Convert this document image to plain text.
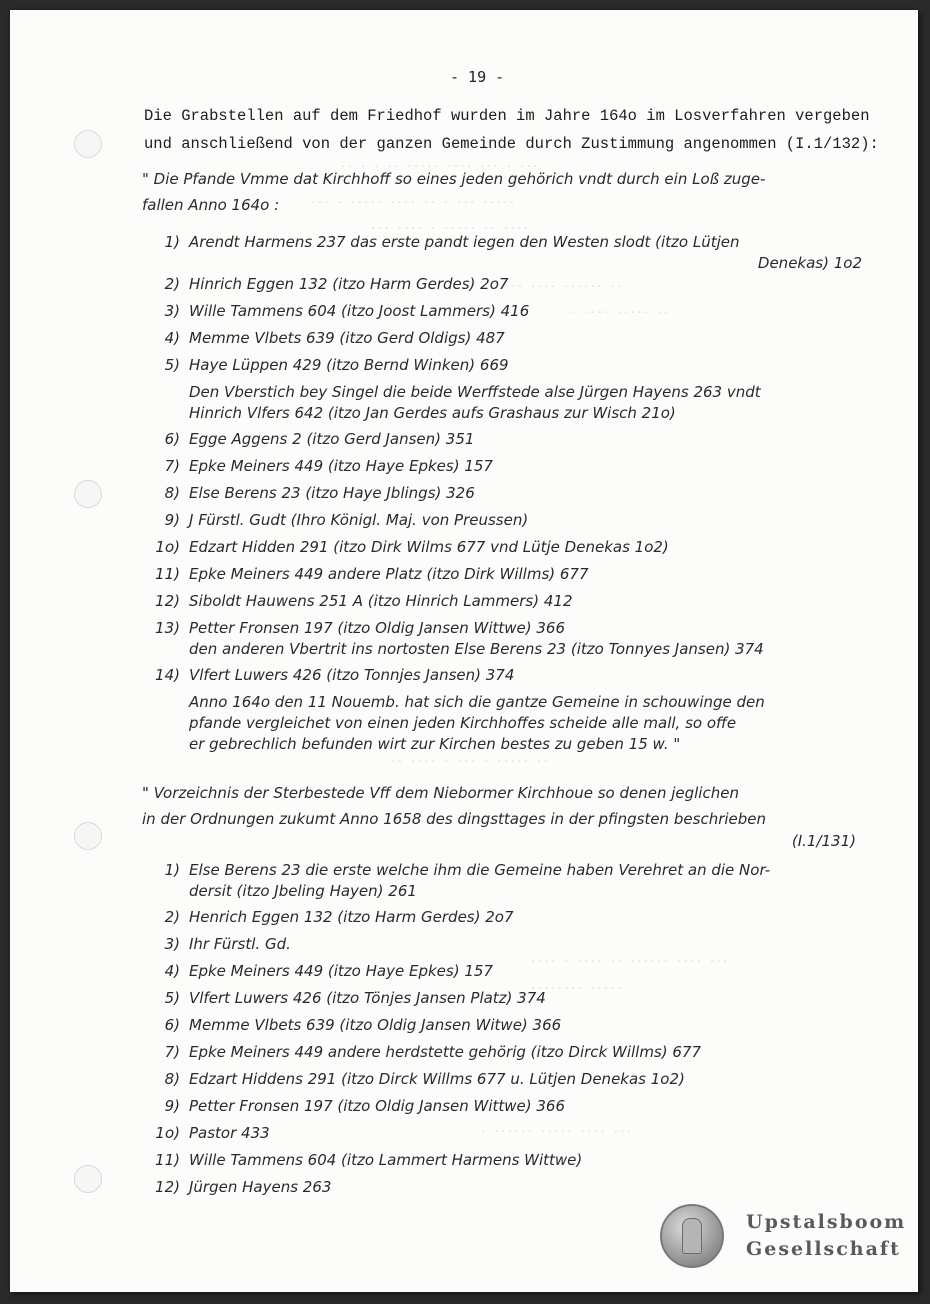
·· · · ·· ····· ···· ··· · ···
··· · ····· ···· ·· · ··· ·····
··· ···· · ····· ·· ····
·· ···· ······ ··
· ···· ····· ··
·· ···· · ··· · ····· ··
···· · ···· ·· ······ ···· ···
········ ·····
· ······ ····· ···· ···
- 19 -
Die Grabstellen auf dem Friedhof wurden im Jahre 164o im Losverfahren vergeben
und anschließend von der ganzen Gemeinde durch Zustimmung angenommen (I.1/132):
" Die Pfande Vmme dat Kirchhoff so eines jeden gehörich vndt durch ein Loß zuge-
fallen Anno 164o :
1) Arendt Harmens 237 das erste pandt iegen den Westen slodt (itzo Lütjen
Denekas) 1o2
2) Hinrich Eggen 132 (itzo Harm Gerdes) 2o7
3) Wille Tammens 604 (itzo Joost Lammers) 416
4) Memme Vlbets 639 (itzo Gerd Oldigs) 487
5) Haye Lüppen 429 (itzo Bernd Winken) 669
Den Vberstich bey Singel die beide Werffstede alse Jürgen Hayens 263 vndt
Hinrich Vlfers 642 (itzo Jan Gerdes aufs Grashaus zur Wisch 21o)
6) Egge Aggens 2 (itzo Gerd Jansen) 351
7) Epke Meiners 449 (itzo Haye Epkes) 157
8) Else Berens 23 (itzo Haye Jblings) 326
9) J Fürstl. Gudt (Ihro Königl. Maj. von Preussen)
1o) Edzart Hidden 291 (itzo Dirk Wilms 677 vnd Lütje Denekas 1o2)
11) Epke Meiners 449 andere Platz (itzo Dirk Willms) 677
12) Siboldt Hauwens 251 A (itzo Hinrich Lammers) 412
13) Petter Fronsen 197 (itzo Oldig Jansen Wittwe) 366
den anderen Vbertrit ins nortosten Else Berens 23 (itzo Tonnyes Jansen) 374
14) Vlfert Luwers 426 (itzo Tonnjes Jansen) 374
Anno 164o den 11 Nouemb. hat sich die gantze Gemeine in schouwinge den
pfande vergleichet von einen jeden Kirchhoffes scheide alle mall, so offe
er gebrechlich befunden wirt zur Kirchen bestes zu geben 15 w. "
" Vorzeichnis der Sterbestede Vff dem Niebormer Kirchhoue so denen jeglichen
in der Ordnungen zukumt Anno 1658 des dingsttages in der pfingsten beschrieben
(I.1/131)
1) Else Berens 23 die erste welche ihm die Gemeine haben Verehret an die Nor-
dersit (itzo Jbeling Hayen) 261
2) Henrich Eggen 132 (itzo Harm Gerdes) 2o7
3) Ihr Fürstl. Gd.
4) Epke Meiners 449 (itzo Haye Epkes) 157
5) Vlfert Luwers 426 (itzo Tönjes Jansen Platz) 374
6) Memme Vlbets 639 (itzo Oldig Jansen Witwe) 366
7) Epke Meiners 449 andere herdstette gehörig (itzo Dirck Willms) 677
8) Edzart Hiddens 291 (itzo Dirck Willms 677 u. Lütjen Denekas 1o2)
9) Petter Fronsen 197 (itzo Oldig Jansen Wittwe) 366
1o) Pastor 433
11) Wille Tammens 604 (itzo Lammert Harmens Wittwe)
12) Jürgen Hayens 263
Upstalsboom
Gesellschaft
